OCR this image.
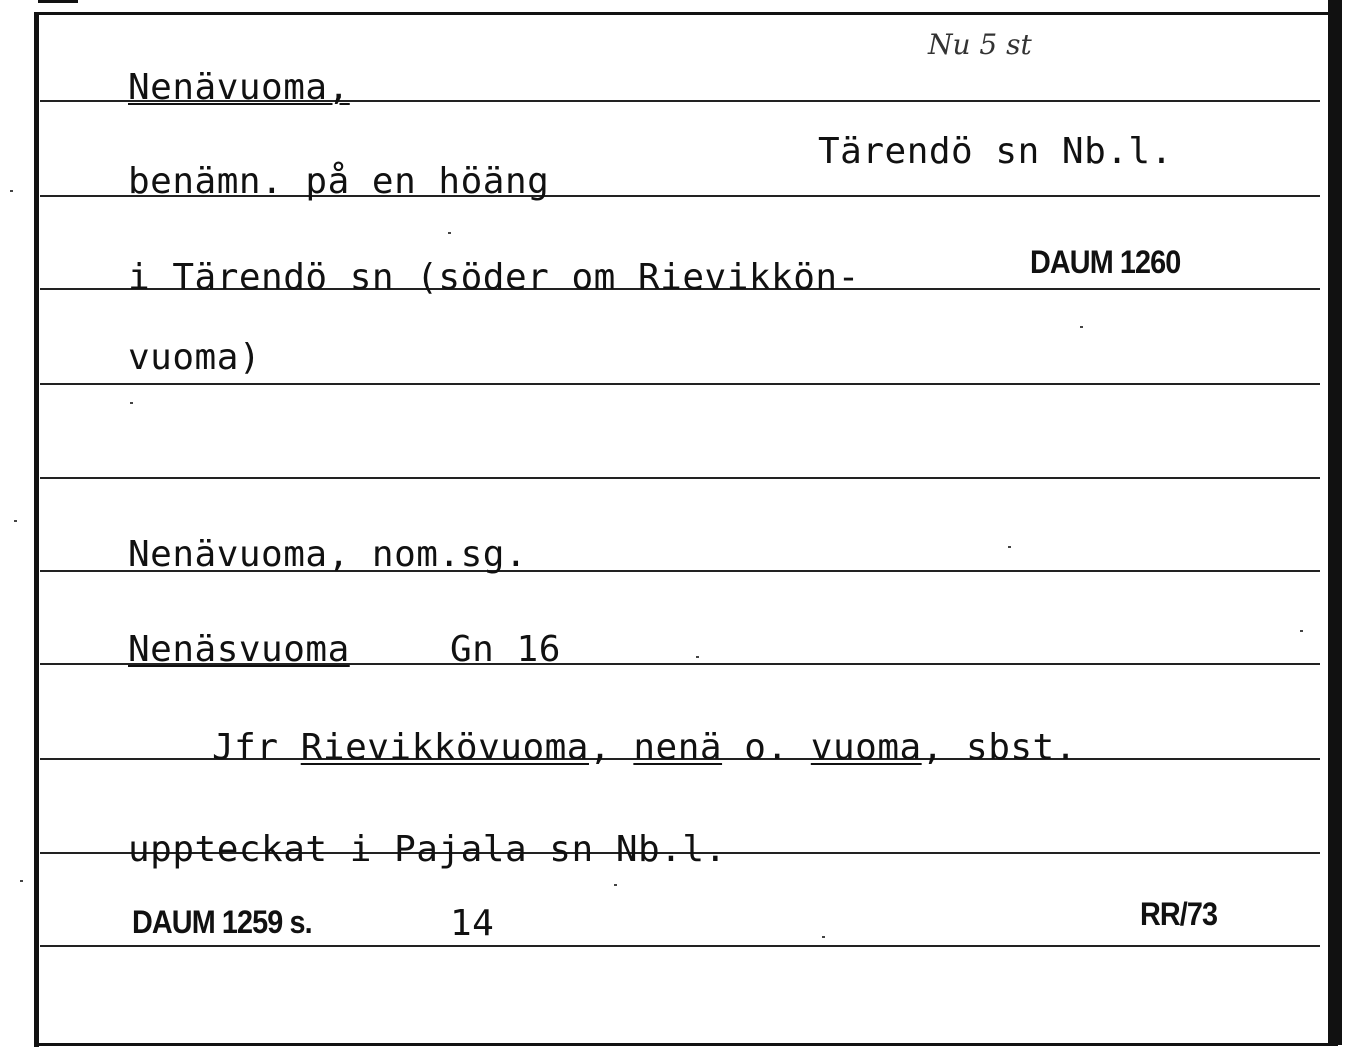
Nu 5 st
Nenävuoma,
Tärendö sn Nb.l.
benämn. på en höäng
i Tärendö sn (söder om Rievikkön-	DAUM 1260
vuoma)
Nenävuoma, nom.sg.
Nenäsvuoma	Gn 16
Jfr Rievikkövuoma, nenä o. vuoma, sbst.
uppteckat i Pajala sn Nb.l.
DAUM 1259 s.	14	RR/73
